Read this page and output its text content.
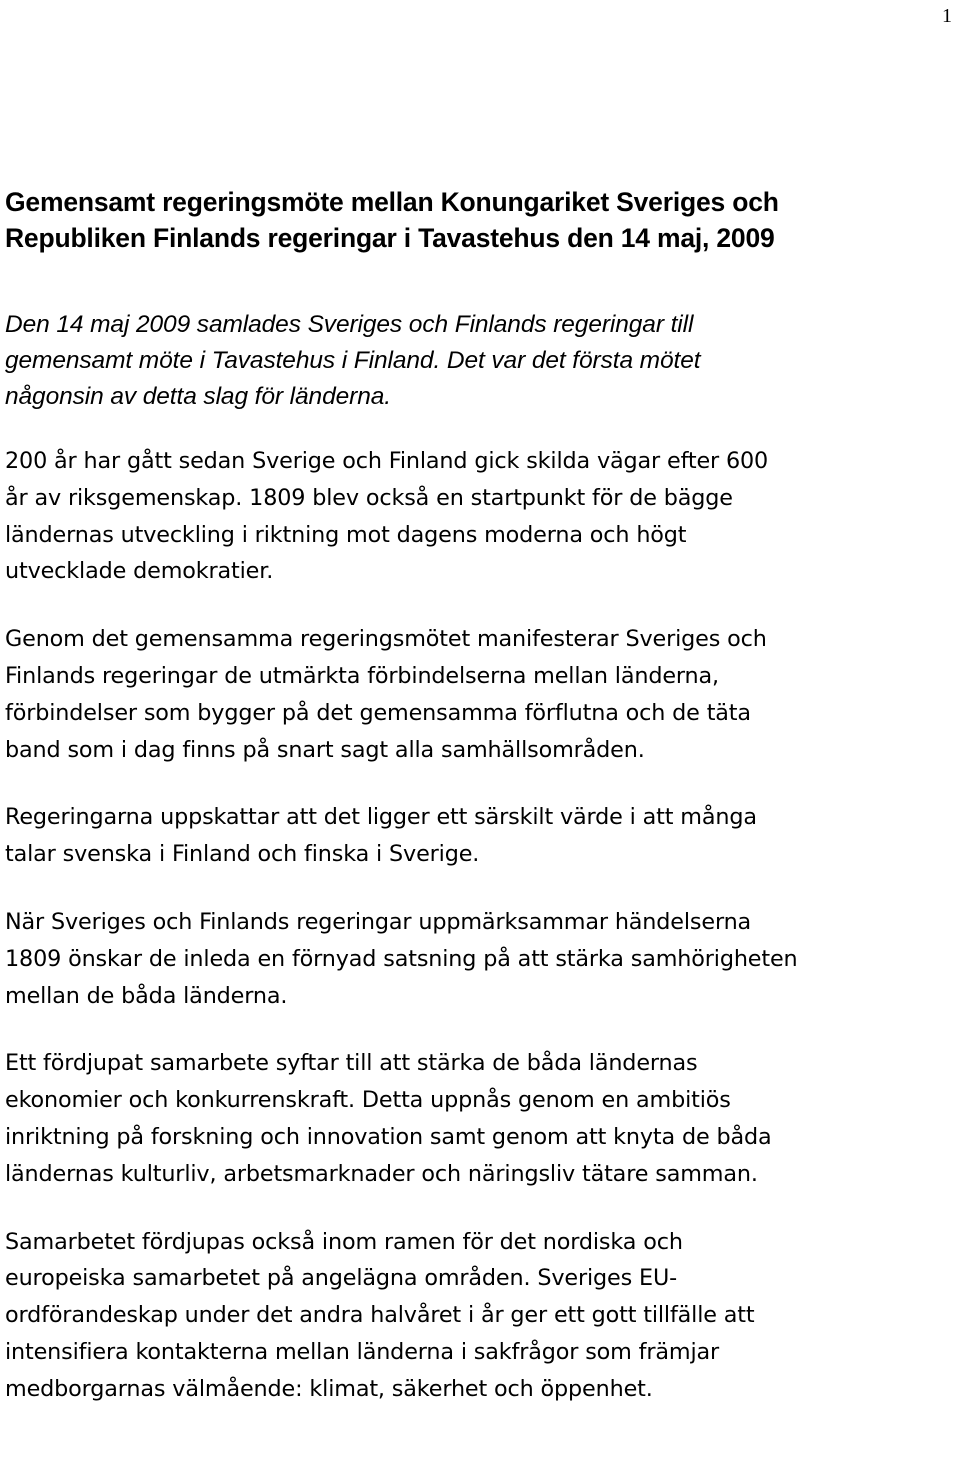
1
Gemensamt regeringsmöte mellan Konungariket Sveriges och
Republiken Finlands regeringar i Tavastehus den 14 maj, 2009

Den 14 maj 2009 samlades Sveriges och Finlands regeringar till
gemensamt möte i Tavastehus i Finland. Det var det första mötet
någonsin av detta slag för länderna.

200 år har gått sedan Sverige och Finland gick skilda vägar efter 600
år av riksgemenskap. 1809 blev också en startpunkt för de bägge
ländernas utveckling i riktning mot dagens moderna och högt
utvecklade demokratier.

Genom det gemensamma regeringsmötet manifesterar Sveriges och
Finlands regeringar de utmärkta förbindelserna mellan länderna,
förbindelser som bygger på det gemensamma förflutna och de täta
band som i dag finns på snart sagt alla samhällsområden.

Regeringarna uppskattar att det ligger ett särskilt värde i att många
talar svenska i Finland och finska i Sverige.

När Sveriges och Finlands regeringar uppmärksammar händelserna
1809 önskar de inleda en förnyad satsning på att stärka samhörigheten
mellan de båda länderna.

Ett fördjupat samarbete syftar till att stärka de båda ländernas
ekonomier och konkurrenskraft. Detta uppnås genom en ambitiös
inriktning på forskning och innovation samt genom att knyta de båda
ländernas kulturliv, arbetsmarknader och näringsliv tätare samman.

Samarbetet fördjupas också inom ramen för det nordiska och
europeiska samarbetet på angelägna områden. Sveriges EU-
ordförandeskap under det andra halvåret i år ger ett gott tillfälle att
intensifiera kontakterna mellan länderna i sakfrågor som främjar
medborgarnas välmående: klimat, säkerhet och öppenhet.
